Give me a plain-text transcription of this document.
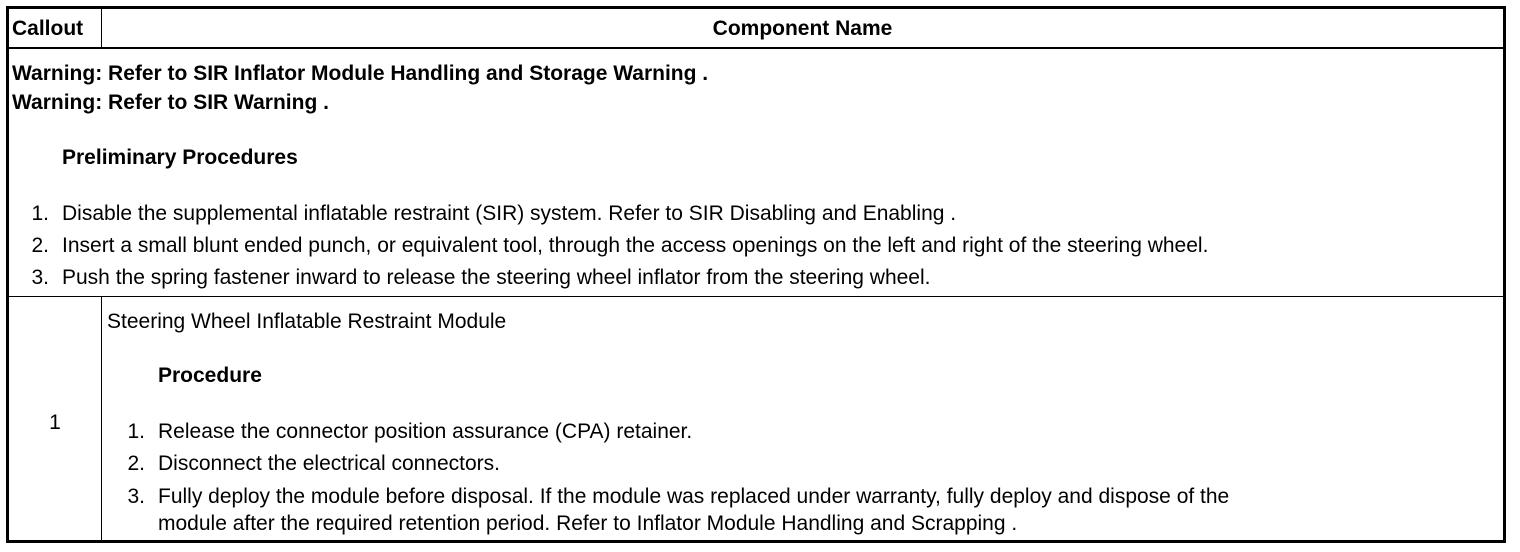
Callout	Component Name
Warning: Refer to SIR Inflator Module Handling and Storage Warning .
Warning: Refer to SIR Warning .
Preliminary Procedures
1. Disable the supplemental inflatable restraint (SIR) system. Refer to SIR Disabling and Enabling .
2. Insert a small blunt ended punch, or equivalent tool, through the access openings on the left and right of the steering wheel.
3. Push the spring fastener inward to release the steering wheel inflator from the steering wheel.
1
Steering Wheel Inflatable Restraint Module
Procedure
1. Release the connector position assurance (CPA) retainer.
2. Disconnect the electrical connectors.
3. Fully deploy the module before disposal. If the module was replaced under warranty, fully deploy and dispose of the
module after the required retention period. Refer to Inflator Module Handling and Scrapping .
